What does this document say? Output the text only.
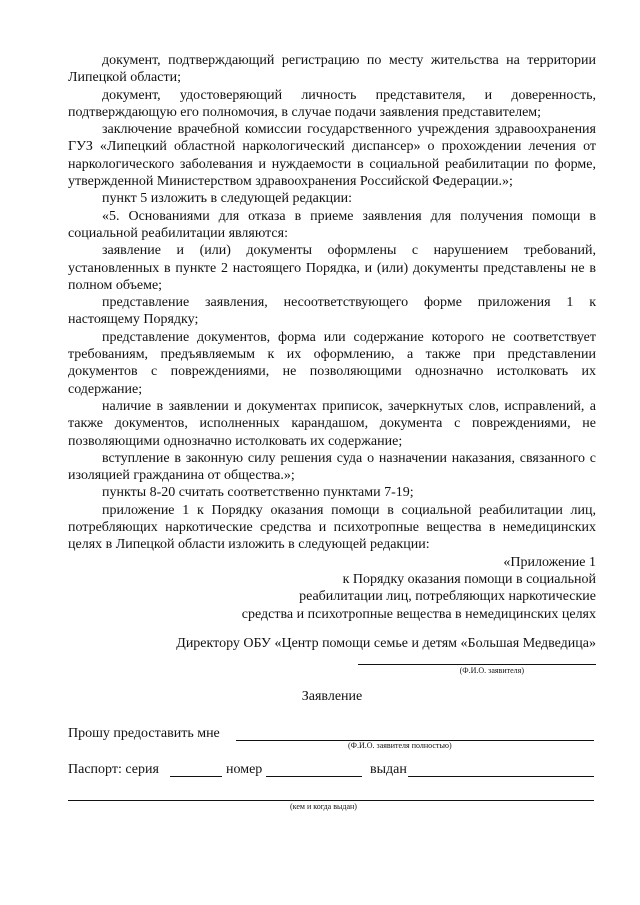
документ, подтверждающий регистрацию по месту жительства на территории Липецкой области;

документ, удостоверяющий личность представителя, и доверенность, подтверждающую его полномочия, в случае подачи заявления представителем;

заключение врачебной комиссии государственного учреждения здравоохранения ГУЗ «Липецкий областной наркологический диспансер» о прохождении лечения от наркологического заболевания и нуждаемости в социальной реабилитации по форме, утвержденной Министерством здравоохранения Российской Федерации.»;

пункт 5 изложить в следующей редакции:

«5. Основаниями для отказа в приеме заявления для получения помощи в социальной реабилитации являются:

заявление и (или) документы оформлены с нарушением требований, установленных в пункте 2 настоящего Порядка, и (или) документы представлены не в полном объеме;

представление заявления, несоответствующего форме приложения 1 к настоящему Порядку;

представление документов, форма или содержание которого не соответствует требованиям, предъявляемым к их оформлению, а также при представлении документов с повреждениями, не позволяющими однозначно истолковать их содержание;

наличие в заявлении и документах приписок, зачеркнутых слов, исправлений, а также документов, исполненных карандашом, документа с повреждениями, не позволяющими однозначно истолковать их содержание;

вступление в законную силу решения суда о назначении наказания, связанного с изоляцией гражданина от общества.»;

пункты 8-20 считать соответственно пунктами 7-19;

приложение 1 к Порядку оказания помощи в социальной реабилитации лиц, потребляющих наркотические средства и психотропные вещества в немедицинских целях в Липецкой области изложить в следующей редакции:

«Приложение 1

к Порядку оказания помощи в социальной

реабилитации лиц, потребляющих наркотические

средства и психотропные вещества в немедицинских целях

Директору ОБУ «Центр помощи семье и детям «Большая Медведица»

(Ф.И.О. заявителя)

Заявление

Прошу предоставить мне
(Ф.И.О. заявителя полностью)
Паспорт: серия	номер	выдан
(кем и когда выдан)
